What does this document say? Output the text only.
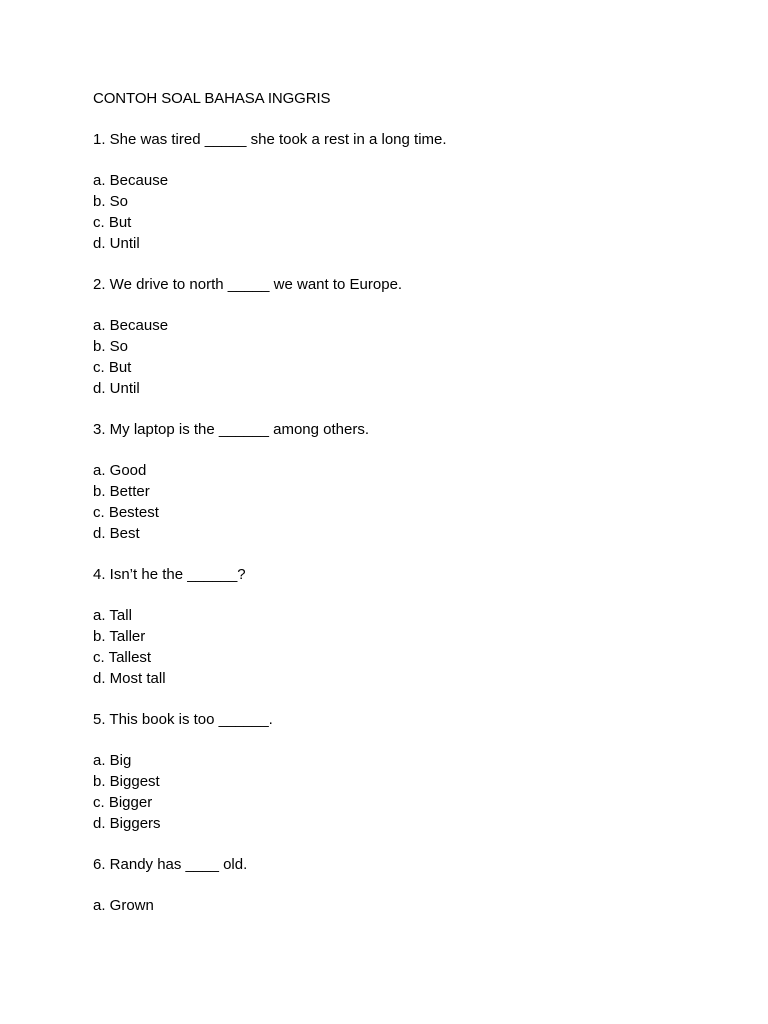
CONTOH SOAL BAHASA INGGRIS

1. She was tired _____ she took a rest in a long time.

a. Because
b. So
c. But
d. Until

2. We drive to north _____ we want to Europe.

a. Because
b. So
c. But
d. Until

3. My laptop is the ______ among others.

a. Good
b. Better
c. Bestest
d. Best

4. Isn’t he the ______?

a. Tall
b. Taller
c. Tallest
d. Most tall

5. This book is too ______.

a. Big
b. Biggest
c. Bigger
d. Biggers

6. Randy has ____ old.

a. Grown
